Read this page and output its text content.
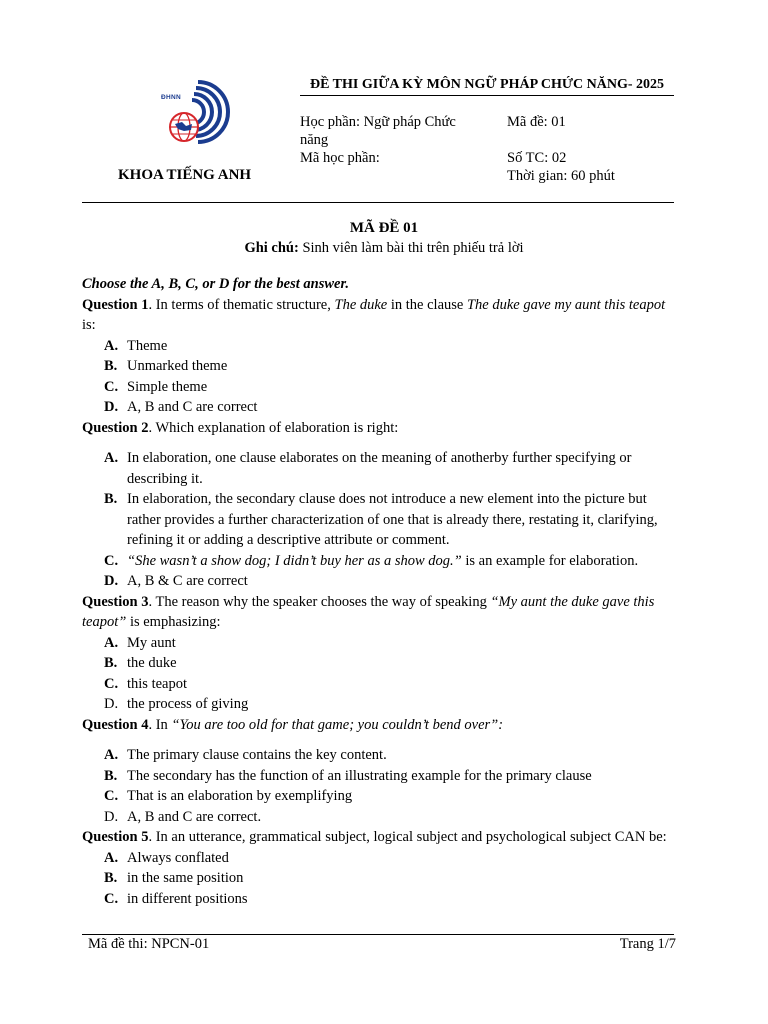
ĐHNN
KHOA TIẾNG ANH
ĐỀ THI GIỮA KỲ MÔN NGỮ PHÁP CHỨC NĂNG- 2025
Học phần: Ngữ pháp Chức năng
Mã học phần:
Mã đề: 01
Số TC: 02
Thời gian: 60 phút
MÃ ĐỀ 01
Ghi chú: Sinh viên làm bài thi trên phiếu trả lời

Choose the A, B, C, or D for the best answer.

Question 1. In terms of thematic structure, The duke in the clause The duke gave my aunt this teapot is:

A. Theme
B. Unmarked theme
C. Simple theme
D. A, B and C are correct

Question 2. Which explanation of elaboration is right:

A. In elaboration, one clause elaborates on the meaning of anotherby further specifying or describing it.
B. In elaboration, the secondary clause does not introduce a new element into the picture but rather provides a further characterization of one that is already there, restating it, clarifying, refining it or adding a descriptive attribute or comment.
C. “She wasn’t a show dog; I didn’t buy her as a show dog.” is an example for elaboration.
D. A, B & C are correct

Question 3. The reason why the speaker chooses the way of speaking “My aunt the duke gave this teapot” is emphasizing:

A. My aunt
B. the duke
C. this teapot
D. the process of giving

Question 4. In “You are too old for that game; you couldn’t bend over”:

A. The primary clause contains the key content.
B. The secondary has the function of an illustrating example for the primary clause
C. That is an elaboration by exemplifying
D. A, B and C are correct.

Question 5. In an utterance, grammatical subject, logical subject and psychological subject CAN be:

A. Always conflated
B. in the same position
C. in different positions
Mã đề thi: NPCN-01	Trang 1/7
